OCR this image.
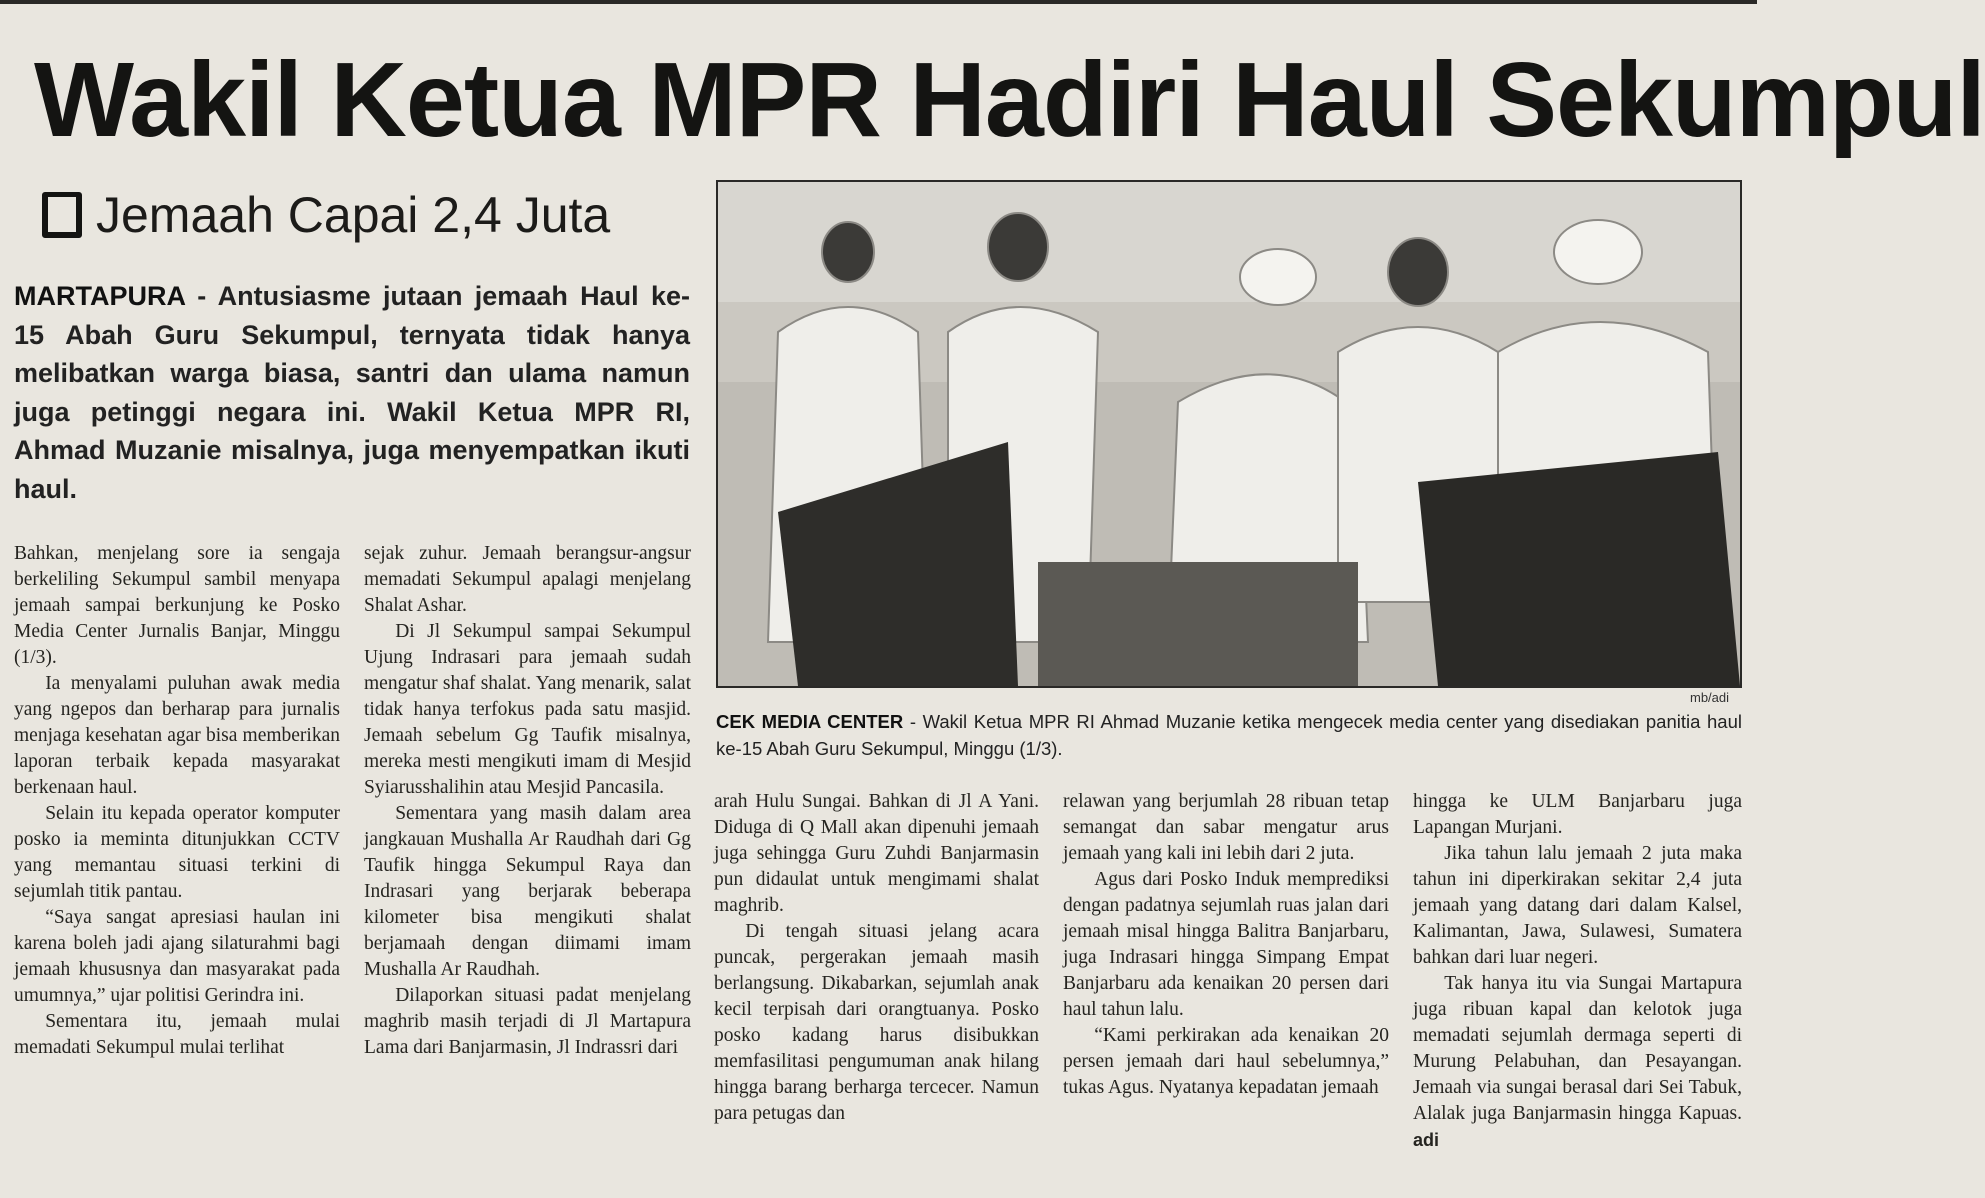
Wakil Ketua MPR Hadiri Haul Sekumpul
Jemaah Capai 2,4 Juta
MARTAPURA - Antusiasme jutaan jemaah Haul ke-15 Abah Guru Sekumpul, ternyata tidak hanya melibatkan warga biasa, santri dan ulama namun juga petinggi negara ini. Wakil Ketua MPR RI, Ahmad Muzanie misalnya, juga menyempatkan ikuti haul.
mb/adi
CEK MEDIA CENTER - Wakil Ketua MPR RI Ahmad Muzanie ketika mengecek media center yang disediakan panitia haul ke-15 Abah Guru Sekumpul, Minggu (1/3).

Bahkan, menjelang sore ia sengaja berkeliling Sekumpul sambil menyapa jemaah sampai berkunjung ke Posko Media Center Jurnalis Banjar, Minggu (1/3).

Ia menyalami puluhan awak media yang ngepos dan berharap para jurnalis menjaga kesehatan agar bisa memberikan laporan terbaik kepada masyarakat berkenaan haul.

Selain itu kepada operator komputer posko ia meminta ditunjukkan CCTV yang memantau situasi terkini di sejumlah titik pantau.

“Saya sangat apresiasi haulan ini karena boleh jadi ajang silaturahmi bagi jemaah khususnya dan masyarakat pada umumnya,” ujar politisi Gerindra ini.

Sementara itu, jemaah mulai memadati Sekumpul mulai terlihat

sejak zuhur. Jemaah berangsur-angsur memadati Sekumpul apalagi menjelang Shalat Ashar.

Di Jl Sekumpul sampai Sekumpul Ujung Indrasari para jemaah sudah mengatur shaf shalat. Yang menarik, salat tidak hanya terfokus pada satu masjid. Jemaah sebelum Gg Taufik misalnya, mereka mesti mengikuti imam di Mesjid Syiarusshalihin atau Mesjid Pancasila.

Sementara yang masih dalam area jangkauan Mushalla Ar Raudhah dari Gg Taufik hingga Sekumpul Raya dan Indrasari yang berjarak beberapa kilometer bisa mengikuti shalat berjamaah dengan diimami imam Mushalla Ar Raudhah.

Dilaporkan situasi padat menjelang maghrib masih terjadi di Jl Martapura Lama dari Banjarmasin, Jl Indrassri dari

arah Hulu Sungai. Bahkan di Jl A Yani. Diduga di Q Mall akan dipenuhi jemaah juga sehingga Guru Zuhdi Banjarmasin pun didaulat untuk mengimami shalat maghrib.

Di tengah situasi jelang acara puncak, pergerakan jemaah masih berlangsung. Dikabarkan, sejumlah anak kecil terpisah dari orangtuanya. Posko posko kadang harus disibukkan memfasilitasi pengumuman anak hilang hingga barang berharga tercecer. Namun para petugas dan

relawan yang berjumlah 28 ribuan tetap semangat dan sabar mengatur arus jemaah yang kali ini lebih dari 2 juta.

Agus dari Posko Induk memprediksi dengan padatnya sejumlah ruas jalan dari jemaah misal hingga Balitra Banjarbaru, juga Indrasari hingga Simpang Empat Banjarbaru ada kenaikan 20 persen dari haul tahun lalu.

“Kami perkirakan ada kenaikan 20 persen jemaah dari haul sebelumnya,” tukas Agus. Nyatanya kepadatan jemaah

hingga ke ULM Banjarbaru juga Lapangan Murjani.

Jika tahun lalu jemaah 2 juta maka tahun ini diperkirakan sekitar 2,4 juta jemaah yang datang dari dalam Kalsel, Kalimantan, Jawa, Sulawesi, Sumatera bahkan dari luar negeri.

Tak hanya itu via Sungai Martapura juga ribuan kapal dan kelotok juga memadati sejumlah dermaga seperti di Murung Pelabuhan, dan Pesayangan. Jemaah via sungai berasal dari Sei Tabuk, Alalak juga Banjarmasin hingga Kapuas. adi
